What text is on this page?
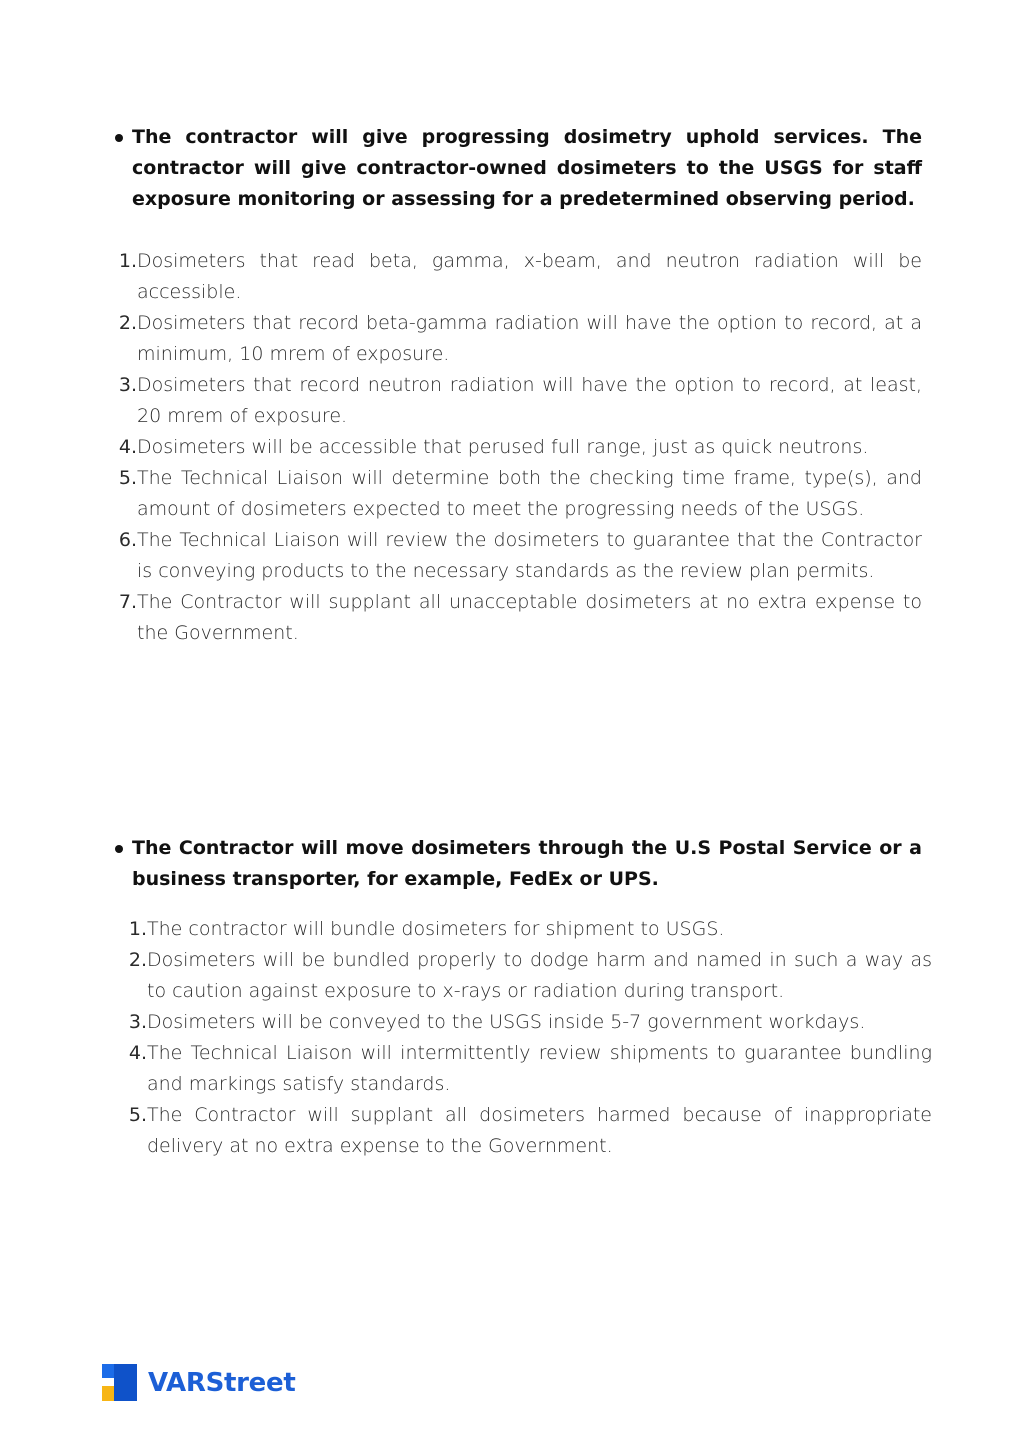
The contractor will give progressing dosimetry uphold services. The contractor will give contractor-owned dosimeters to the USGS for staff exposure monitoring or assessing for a predetermined observing period.
1. Dosimeters that read beta, gamma, x-beam, and neutron radiation will be accessible.
2. Dosimeters that record beta-gamma radiation will have the option to record, at a minimum, 10 mrem of exposure.
3. Dosimeters that record neutron radiation will have the option to record, at least, 20 mrem of exposure.
4. Dosimeters will be accessible that perused full range, just as quick neutrons.
5. The Technical Liaison will determine both the checking time frame, type(s), and amount of dosimeters expected to meet the progressing needs of the USGS.
6. The Technical Liaison will review the dosimeters to guarantee that the Contractor is conveying products to the necessary standards as the review plan permits.
7. The Contractor will supplant all unacceptable dosimeters at no extra expense to the Government.
The Contractor will move dosimeters through the U.S Postal Service or a business transporter, for example, FedEx or UPS.
1. The contractor will bundle dosimeters for shipment to USGS.
2. Dosimeters will be bundled properly to dodge harm and named in such a way as to caution against exposure to x-rays or radiation during transport.
3. Dosimeters will be conveyed to the USGS inside 5-7 government workdays.
4. The Technical Liaison will intermittently review shipments to guarantee bundling and markings satisfy standards.
5. The Contractor will supplant all dosimeters harmed because of inappropriate delivery at no extra expense to the Government.
VARStreet
